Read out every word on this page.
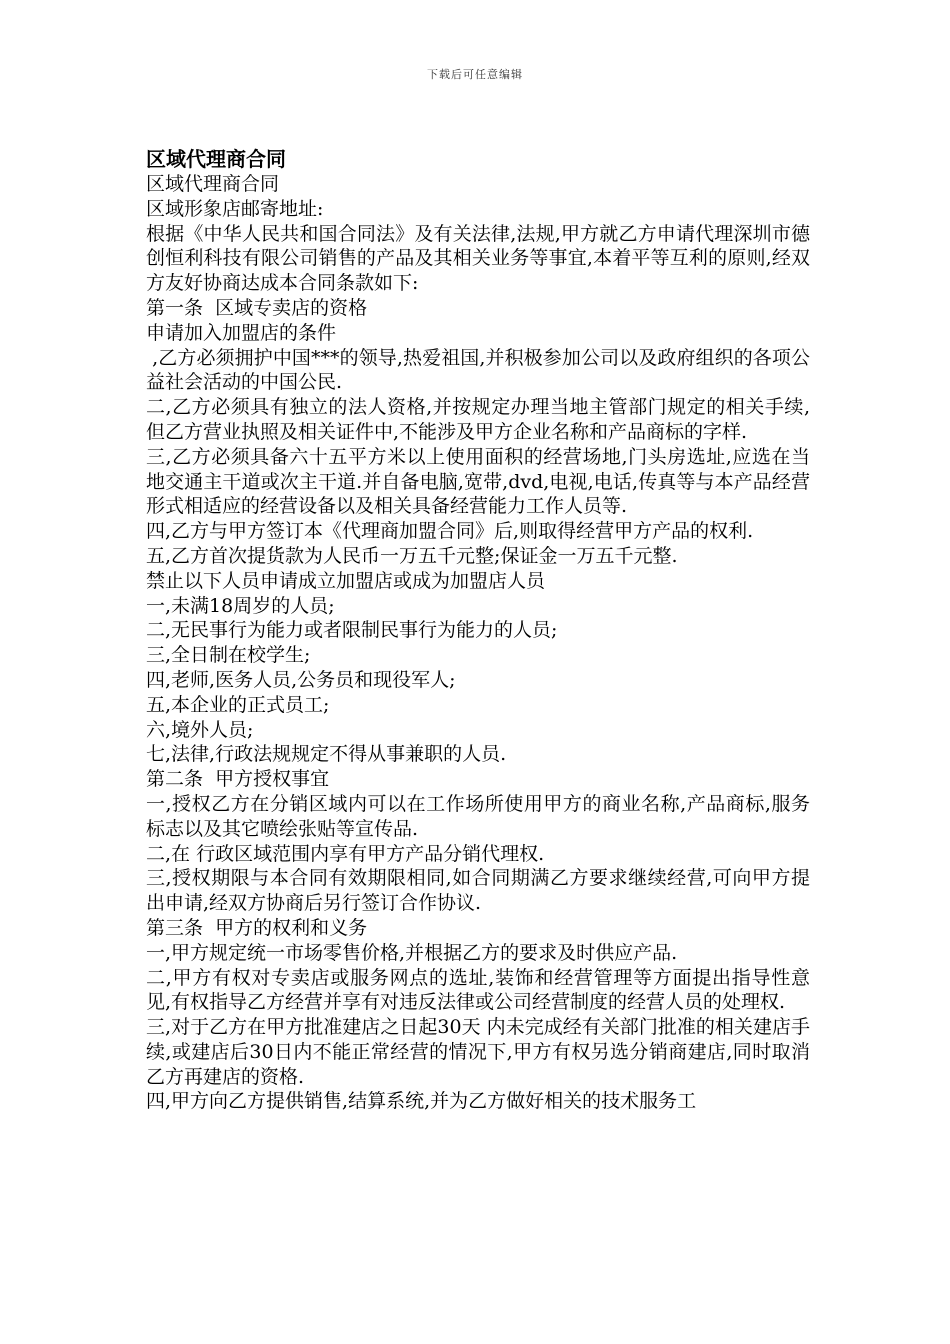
下载后可任意编辑
区域代理商合同

区域代理商合同

区域形象店邮寄地址:

根据《中华人民共和国合同法》及有关法律,法规,甲方就乙方申请代理深圳市德创恒利科技有限公司销售的产品及其相关业务等事宜,本着平等互利的原则,经双方友好协商达成本合同条款如下:

第一条  区域专卖店的资格

申请加入加盟店的条件

,乙方必须拥护中国***的领导,热爱祖国,并积极参加公司以及政府组织的各项公益社会活动的中国公民.

二,乙方必须具有独立的法人资格,并按规定办理当地主管部门规定的相关手续,但乙方营业执照及相关证件中,不能涉及甲方企业名称和产品商标的字样.

三,乙方必须具备六十五平方米以上使用面积的经营场地,门头房选址,应选在当地交通主干道或次主干道.并自备电脑,宽带,dvd,电视,电话,传真等与本产品经营形式相适应的经营设备以及相关具备经营能力工作人员等.

四,乙方与甲方签订本《代理商加盟合同》后,则取得经营甲方产品的权利.

五,乙方首次提货款为人民币一万五千元整;保证金一万五千元整.

禁止以下人员申请成立加盟店或成为加盟店人员

一,未满18周岁的人员;

二,无民事行为能力或者限制民事行为能力的人员;

三,全日制在校学生;

四,老师,医务人员,公务员和现役军人;

五,本企业的正式员工;

六,境外人员;

七,法律,行政法规规定不得从事兼职的人员.

第二条  甲方授权事宜

一,授权乙方在分销区域内可以在工作场所使用甲方的商业名称,产品商标,服务标志以及其它喷绘张贴等宣传品.

二,在 行政区域范围内享有甲方产品分销代理权.

三,授权期限与本合同有效期限相同,如合同期满乙方要求继续经营,可向甲方提出申请,经双方协商后另行签订合作协议.

第三条  甲方的权利和义务

一,甲方规定统一市场零售价格,并根据乙方的要求及时供应产品.

二,甲方有权对专卖店或服务网点的选址,装饰和经营管理等方面提出指导性意见,有权指导乙方经营并享有对违反法律或公司经营制度的经营人员的处理权.

三,对于乙方在甲方批准建店之日起30天 内未完成经有关部门批准的相关建店手续,或建店后30日内不能正常经营的情况下,甲方有权另选分销商建店,同时取消乙方再建店的资格.

四,甲方向乙方提供销售,结算系统,并为乙方做好相关的技术服务工
